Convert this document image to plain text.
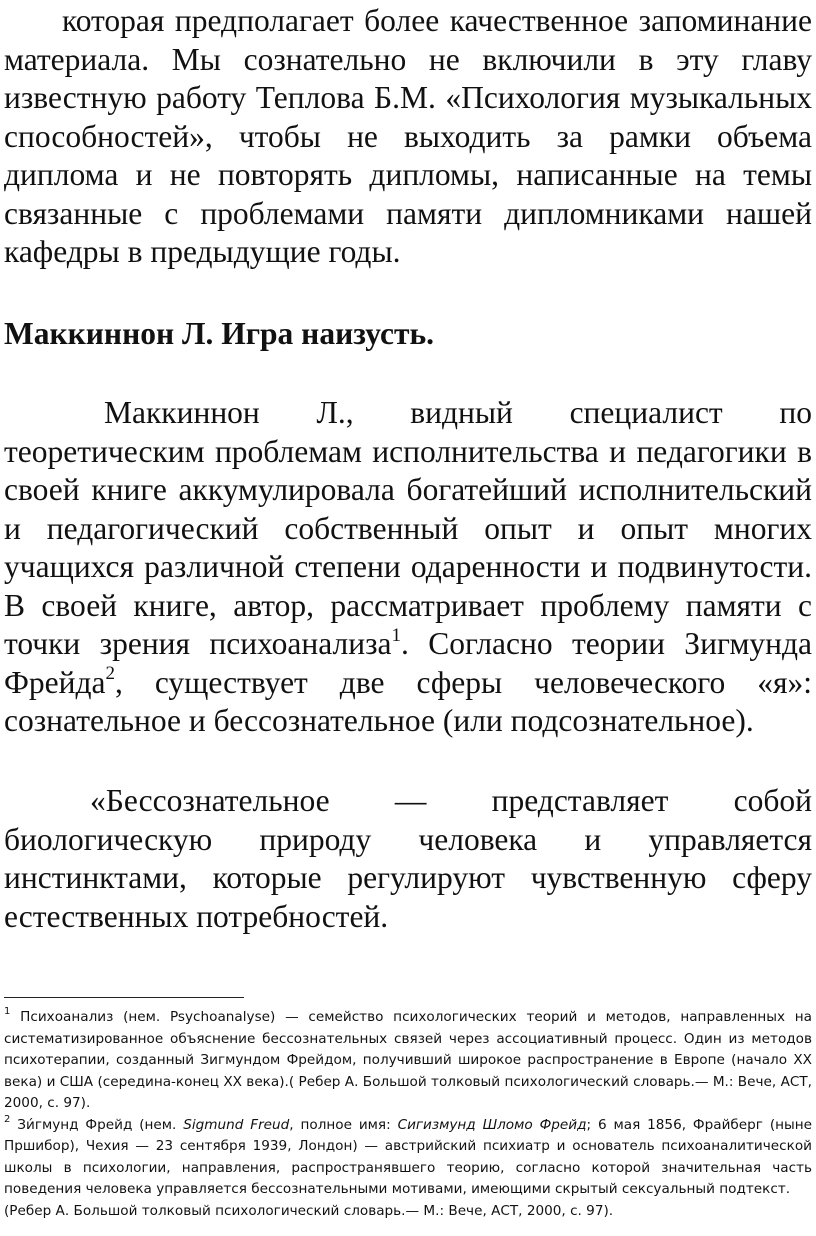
которая предполагает более качественное запоминание материала. Мы сознательно не включили в эту главу известную работу Теплова Б.М. «Психология музыкальных способностей», чтобы не выходить за рамки объема диплома и не повторять дипломы, написанные на темы связанные с проблемами памяти дипломниками нашей кафедры в предыдущие годы.

Маккиннон Л. Игра наизусть.

Маккиннон Л., видный специалист по теоретическим проблемам исполнительства и педагогики в своей книге аккумулировала богатейший исполнительский и педагогический собственный опыт и опыт многих учащихся различной степени одаренности и подвинутости. В своей книге, автор, рассматривает проблему памяти с точки зрения психоанализа$^1$. Согласно теории Зигмунда Фрейда$^2$, существует две сферы человеческого «я»: сознательное и бессознательное (или подсознательное).

«Бессознательное — представляет собой биологическую природу человека и управляется инстинктами, которые регулируют чувственную сферу естественных потребностей.

$^1$ Психоанализ (нем. Psychoanalyse) — семейство психологических теорий и методов, направленных на систематизированное объяснение бессознательных связей через ассоциативный процесс. Один из методов психотерапии, созданный Зигмундом Фрейдом, получивший широкое распространение в Европе (начало XX века) и США (середина-конец XX века).( Ребер А. Большой толковый психологический словарь.— М.: Вече, АСТ, 2000, с. 97).

$^2$ Зи́гмунд Фрейд (нем. Sigmund Freud, полное имя: Сигизмунд Шломо Фрейд; 6 мая 1856, Фрайберг (ныне Пршибор), Чехия — 23 сентября 1939, Лондон) — австрийский психиатр и основатель психоаналитической школы в психологии, направления, распространявшего теорию, согласно которой значительная часть поведения человека управляется бессознательными мотивами, имеющими скрытый сексуальный подтекст.

(Ребер А. Большой толковый психологический словарь.— М.: Вече, АСТ, 2000, с. 97).
